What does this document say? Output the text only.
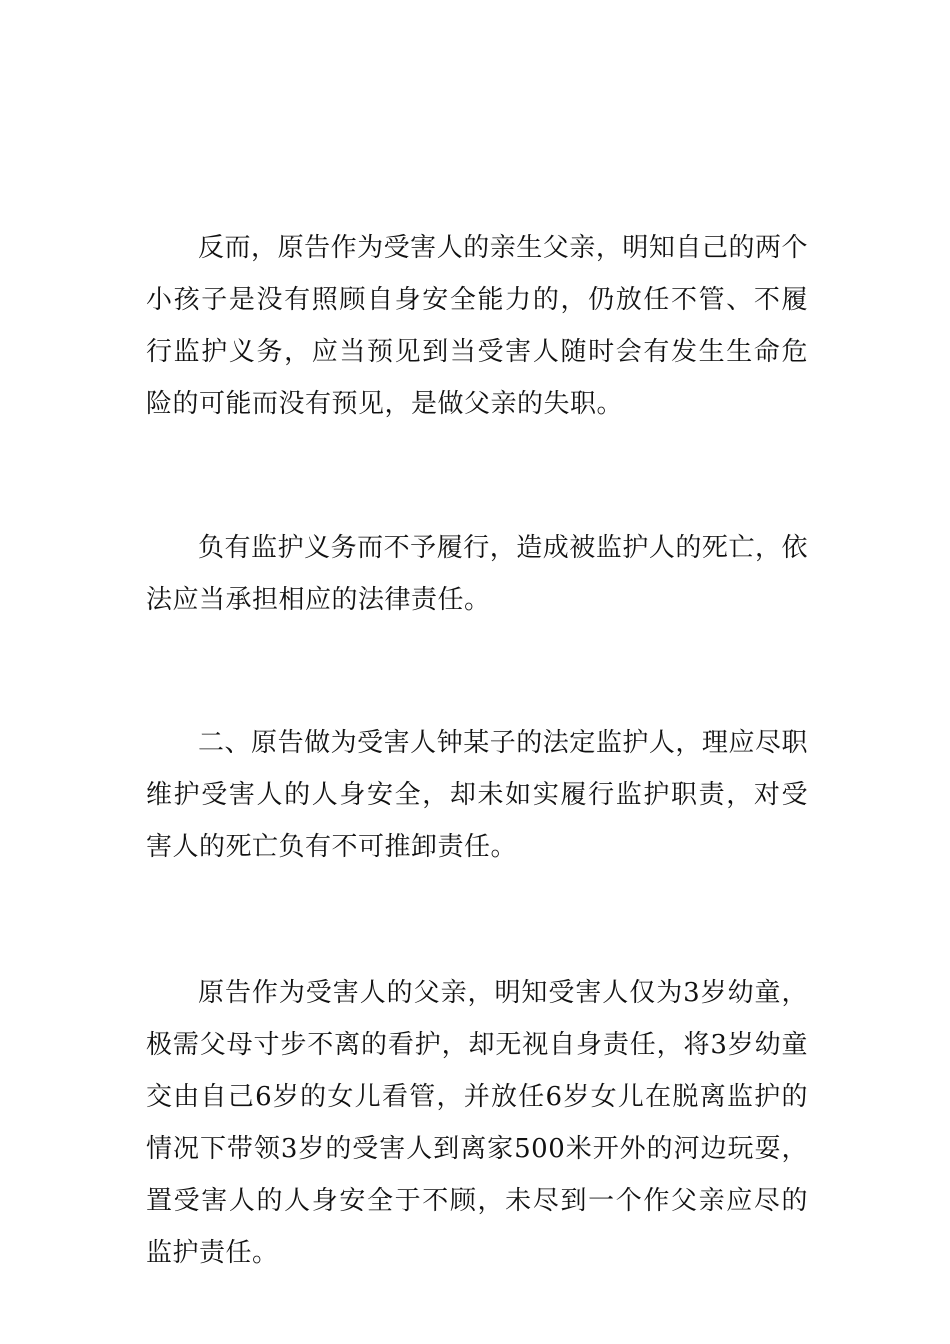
反而，原告作为受害人的亲生父亲，明知自己的两个小孩子是没有照顾自身安全能力的，仍放任不管、不履行监护义务，应当预见到当受害人随时会有发生生命危险的可能而没有预见，是做父亲的失职。

负有监护义务而不予履行，造成被监护人的死亡，依法应当承担相应的法律责任。

二、原告做为受害人钟某子的法定监护人，理应尽职维护受害人的人身安全，却未如实履行监护职责，对受害人的死亡负有不可推卸责任。

原告作为受害人的父亲，明知受害人仅为3岁幼童，极需父母寸步不离的看护，却无视自身责任，将3岁幼童交由自己6岁的女儿看管，并放任6岁女儿在脱离监护的情况下带领3岁的受害人到离家500米开外的河边玩耍，置受害人的人身安全于不顾，未尽到一个作父亲应尽的监护责任。
